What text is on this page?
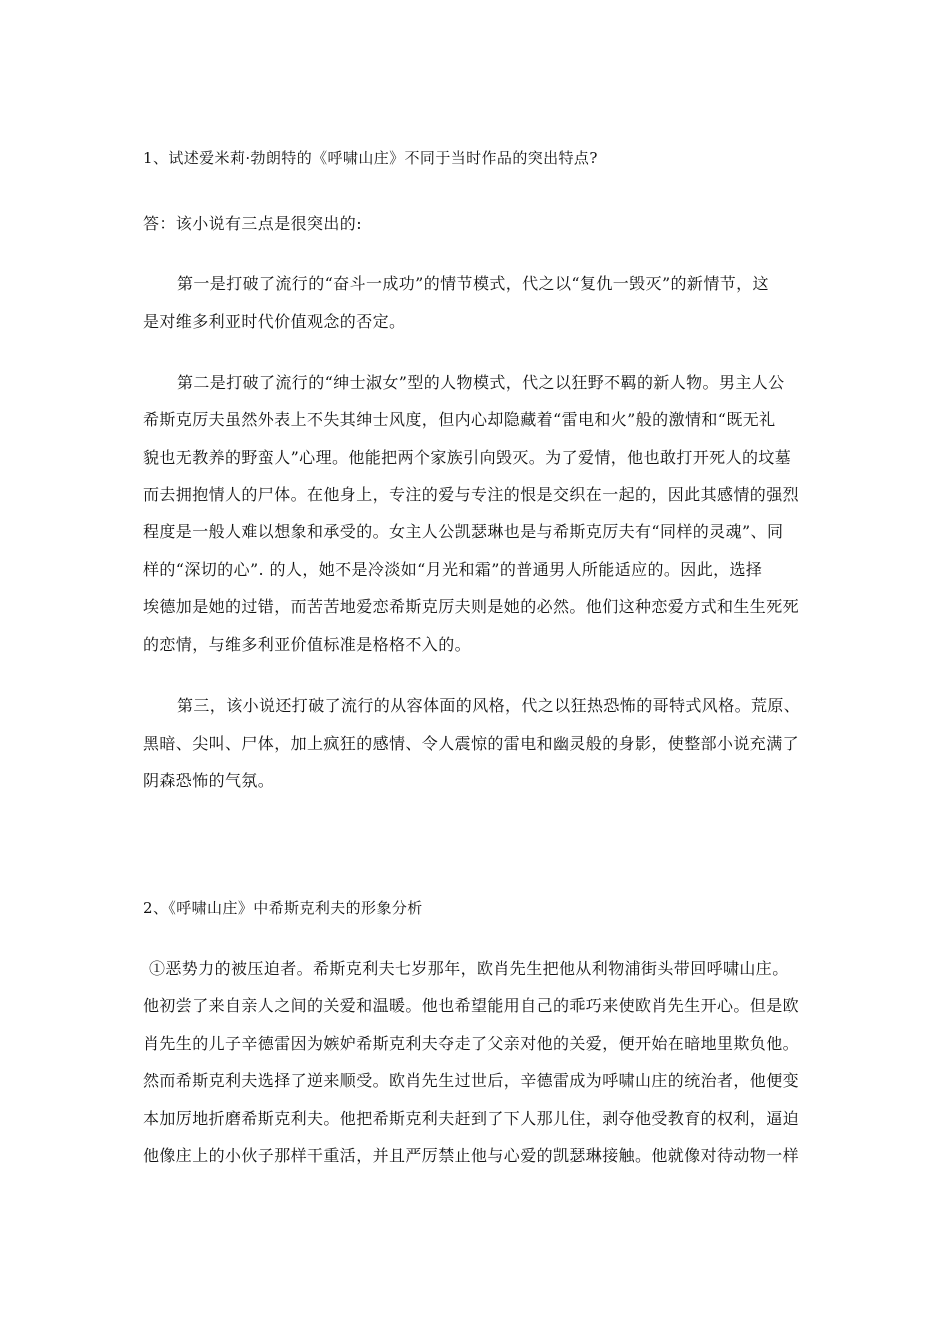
1、试述爱米莉·勃朗特的《呼啸山庄》不同于当时作品的突出特点?
答：该小说有三点是很突出的:
第一是打破了流行的“奋斗一成功”的情节模式，代之以“复仇一毁灭”的新情节，这
是对维多利亚时代价值观念的否定。
第二是打破了流行的“绅士淑女”型的人物模式，代之以狂野不羁的新人物。男主人公
希斯克厉夫虽然外表上不失其绅士风度，但内心却隐藏着“雷电和火”般的激情和“既无礼
貌也无教养的野蛮人”心理。他能把两个家族引向毁灭。为了爱情，他也敢打开死人的坟墓
而去拥抱情人的尸体。在他身上，专注的爱与专注的恨是交织在一起的，因此其感情的强烈
程度是一般人难以想象和承受的。女主人公凯瑟琳也是与希斯克厉夫有“同样的灵魂”、同
样的“深切的心”. 的人，她不是冷淡如“月光和霜”的普通男人所能适应的。因此，选择
埃德加是她的过错，而苦苦地爱恋希斯克厉夫则是她的必然。他们这种恋爱方式和生生死死
的恋情，与维多利亚价值标准是格格不入的。
第三，该小说还打破了流行的从容体面的风格，代之以狂热恐怖的哥特式风格。荒原、
黑暗、尖叫、尸体，加上疯狂的感情、令人震惊的雷电和幽灵般的身影，使整部小说充满了
阴森恐怖的气氛。
2、《呼啸山庄》中希斯克利夫的形象分析
①恶势力的被压迫者。希斯克利夫七岁那年，欧肖先生把他从利物浦街头带回呼啸山庄。
他初尝了来自亲人之间的关爱和温暖。他也希望能用自己的乖巧来使欧肖先生开心。但是欧
肖先生的儿子辛德雷因为嫉妒希斯克利夫夺走了父亲对他的关爱，便开始在暗地里欺负他。
然而希斯克利夫选择了逆来顺受。欧肖先生过世后，辛德雷成为呼啸山庄的统治者，他便变
本加厉地折磨希斯克利夫。他把希斯克利夫赶到了下人那儿住，剥夺他受教育的权利，逼迫
他像庄上的小伙子那样干重活，并且严厉禁止他与心爱的凯瑟琳接触。他就像对待动物一样
